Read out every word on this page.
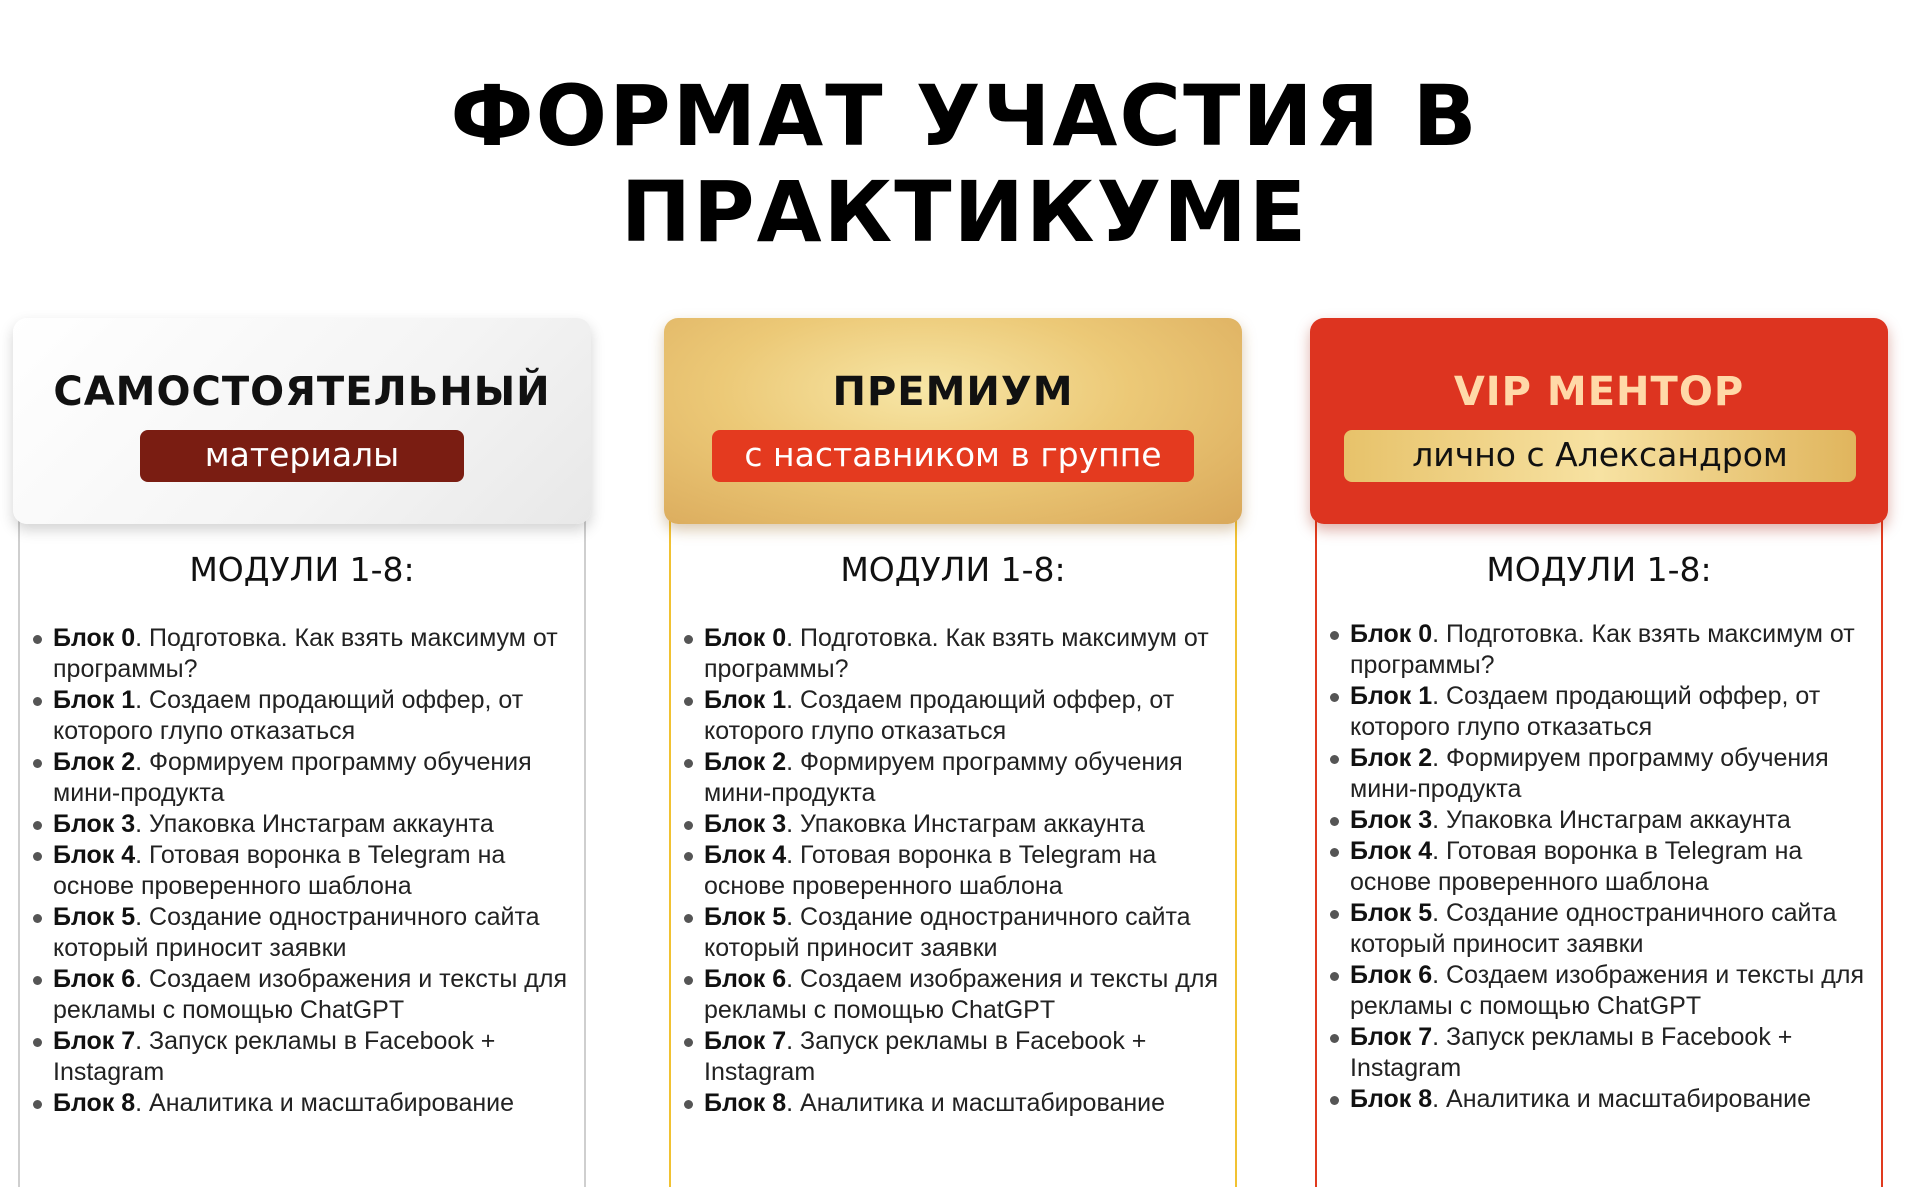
ФОРМАТ УЧАСТИЯ В
ПРАКТИКУМЕ
САМОСТОЯТЕЛЬНЫЙ
материалы
МОДУЛИ 1-8:
Блок 0. Подготовка. Как взять максимум от программы?
Блок 1. Создаем продающий оффер, от которого глупо отказаться
Блок 2. Формируем программу обучения мини-продукта
Блок 3. Упаковка Инстаграм аккаунта
Блок 4. Готовая воронка в Telegram на основе проверенного шаблона
Блок 5. Создание одностраничного сайта который приносит заявки
Блок 6. Создаем изображения и тексты для рекламы с помощью ChatGPT
Блок 7. Запуск рекламы в Facebook + Instagram
Блок 8. Аналитика и масштабирование
ПРЕМИУМ
с наставником в группе
МОДУЛИ 1-8:
Блок 0. Подготовка. Как взять максимум от программы?
Блок 1. Создаем продающий оффер, от которого глупо отказаться
Блок 2. Формируем программу обучения мини-продукта
Блок 3. Упаковка Инстаграм аккаунта
Блок 4. Готовая воронка в Telegram на основе проверенного шаблона
Блок 5. Создание одностраничного сайта который приносит заявки
Блок 6. Создаем изображения и тексты для рекламы с помощью ChatGPT
Блок 7. Запуск рекламы в Facebook + Instagram
Блок 8. Аналитика и масштабирование
VIP МЕНТОР
лично с Александром
МОДУЛИ 1-8:
Блок 0. Подготовка. Как взять максимум от программы?
Блок 1. Создаем продающий оффер, от которого глупо отказаться
Блок 2. Формируем программу обучения мини-продукта
Блок 3. Упаковка Инстаграм аккаунта
Блок 4. Готовая воронка в Telegram на основе проверенного шаблона
Блок 5. Создание одностраничного сайта который приносит заявки
Блок 6. Создаем изображения и тексты для рекламы с помощью ChatGPT
Блок 7. Запуск рекламы в Facebook + Instagram
Блок 8. Аналитика и масштабирование
